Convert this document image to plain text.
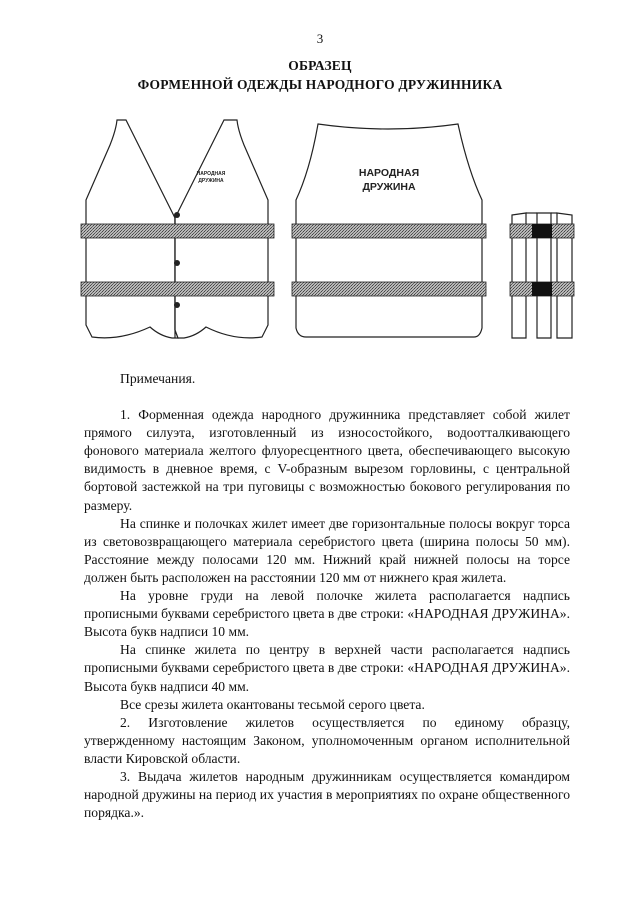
3
ОБРАЗЕЦ
ФОРМЕННОЙ ОДЕЖДЫ НАРОДНОГО ДРУЖИННИКА
НАРОДНАЯ
ДРУЖИНА
НАРОДНАЯ
ДРУЖИНА

Примечания.

1. Форменная одежда народного дружинника представляет собой жилет прямого силуэта, изготовленный из износостойкого, водоотталкивающего фонового материала желтого флуоресцентного цвета, обеспечивающего высокую видимость в дневное время, с V-образным вырезом горловины, с центральной бортовой застежкой на три пуговицы с возможностью бокового регулирования по размеру.

На спинке и полочках жилет имеет две горизонтальные полосы вокруг торса из световозвращающего материала серебристого цвета (ширина полосы 50 мм). Расстояние между полосами 120 мм. Нижний край нижней полосы на торсе должен быть расположен на расстоянии 120 мм от нижнего края жилета.

На уровне груди на левой полочке жилета располагается надпись прописными буквами серебристого цвета в две строки: «НАРОДНАЯ ДРУЖИНА». Высота букв надписи 10 мм.

На спинке жилета по центру в верхней части располагается надпись прописными буквами серебристого цвета в две строки: «НАРОДНАЯ ДРУЖИНА». Высота букв надписи 40 мм.

Все срезы жилета окантованы тесьмой серого цвета.

2. Изготовление жилетов осуществляется по единому образцу, утвержденному настоящим Законом, уполномоченным органом исполнительной власти Кировской области.

3. Выдача жилетов народным дружинникам осуществляется командиром народной дружины на период их участия в мероприятиях по охране общественного порядка.».
